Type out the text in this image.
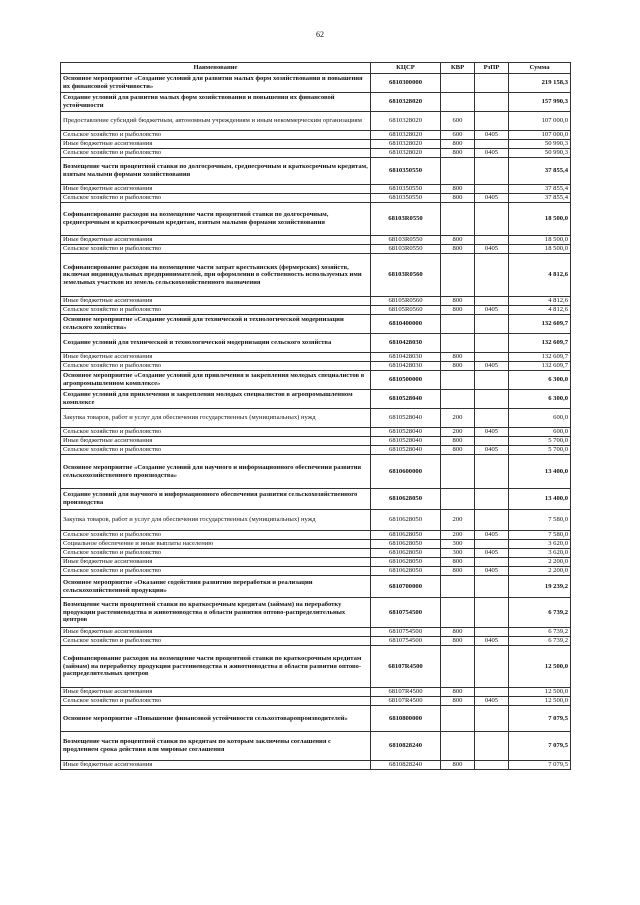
62
Наименование	КЦСР	КВР	РзПР	Сумма
Основное мероприятие «Создание условий для развития малых форм хозяйствования и повышения их финансовой устойчивости»	6810300000			219 158,3
Создание условий для развития малых форм хозяйствования и повышения их финансовой устойчивости	6810328020			157 990,3
Предоставление субсидий бюджетным, автономным учреждениям и иным некоммерческим организациям	6810328020	600		107 000,0
Сельское хозяйство и рыболовство	6810328020	600	0405	107 000,0
Иные бюджетные ассигнования	6810328020	800		50 990,3
Сельское хозяйство и рыболовство	6810328020	800	0405	50 990,3
Возмещение части процентной ставки по долгосрочным, среднесрочным и краткосрочным кредитам, взятым малыми формами хозяйствования	6810350550			37 855,4
Иные бюджетные ассигнования	6810350550	800		37 855,4
Сельское хозяйство и рыболовство	6810350550	800	0405	37 855,4
Софинансирование расходов на возмещение части процентной ставки по долгосрочным, среднесрочным и краткосрочным кредитам, взятым малыми формами хозяйствования	68103R0550			18 500,0
Иные бюджетные ассигнования	68103R0550	800		18 500,0
Сельское хозяйство и рыболовство	68103R0550	800	0405	18 500,0
Софинансирование расходов на возмещение части затрат крестьянских (фермерских) хозяйств, включая индивидуальных предпринимателей, при оформлении в собственность используемых ими земельных участков из земель сельскохозяйственного назначения	68103R0560			4 812,6
Иные бюджетные ассигнования	68105R0560	800		4 812,6
Сельское хозяйство и рыболовство	68105R0560	800	0405	4 812,6
Основное мероприятие «Создание условий для технической и технологической модернизации сельского хозяйства»	6810400000			132 609,7
Создание условий для технической и технологической модернизации сельского хозяйства	6810428030			132 609,7
Иные бюджетные ассигнования	6810428030	800		132 609,7
Сельское хозяйство и рыболовство	6810428030	800	0405	132 609,7
Основное мероприятие «Создание условий для привлечения и закрепления молодых специалистов в агропромышленном комплексе»	6810500000			6 300,0
Создание условий для привлечения и закрепления молодых специалистов в агропромышленном комплексе	6810528040			6 300,0
Закупка товаров, работ и услуг для обеспечения государственных (муниципальных) нужд	6810528040	200		600,0
Сельское хозяйство и рыболовство	6810528040	200	0405	600,0
Иные бюджетные ассигнования	6810528040	800		5 700,0
Сельское хозяйство и рыболовство	6810528040	800	0405	5 700,0
Основное мероприятие «Создание условий для научного и информационного обеспечения развития сельскохозяйственного производства»	6810600000			13 400,0
Создание условий для научного и информационного обеспечения развития сельскохозяйственного производства	6810628050			13 400,0
Закупка товаров, работ и услуг для обеспечения государственных (муниципальных) нужд	6810628050	200		7 580,0
Сельское хозяйство и рыболовство	6810628050	200	0405	7 580,0
Социальное обеспечение и иные выплаты населению	6810628050	300		3 620,0
Сельское хозяйство и рыболовство	6810628050	300	0405	3 620,0
Иные бюджетные ассигнования	6810628050	800		2 200,0
Сельское хозяйство и рыболовство	6810628050	800	0405	2 200,0
Основное мероприятие «Оказание содействия развитию переработки и реализации сельскохозяйственной продукции»	6810700000			19 239,2
Возмещение части процентной ставки по краткосрочным кредитам (займам) на переработку продукции растениеводства и животноводства в области развития оптово-распределительных центров	6810754500			6 739,2
Иные бюджетные ассигнования	6810754500	800		6 739,2
Сельское хозяйство и рыболовство	6810754500	800	0405	6 739,2
Софинансирование расходов на возмещение части процентной ставки по краткосрочным кредитам (займам) на переработку продукции растениеводства и животноводства в области развития оптово-распределительных центров	68107R4500			12 500,0
Иные бюджетные ассигнования	68107R4500	800		12 500,0
Сельское хозяйство и рыболовство	68107R4500	800	0405	12 500,0
Основное мероприятие «Повышение финансовой устойчивости сельхозтоваропроизводителей»	6810800000			7 079,5
Возмещение части процентной ставки по кредитам по которым заключены соглашения с продлением срока действия или мировые соглашения	6810828240			7 079,5
Иные бюджетные ассигнования	6810828240	800		7 079,5
